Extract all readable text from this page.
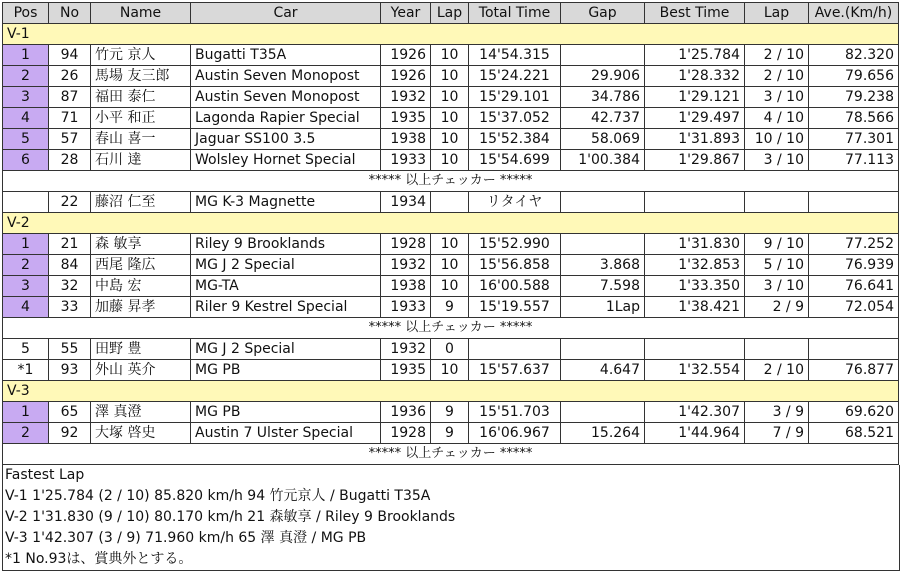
Pos	No	Name	Car	Year	Lap	Total Time	Gap	Best Time	Lap	Ave.(Km/h)
V-1										
1	94	竹元 京人	Bugatti T35A	1926	10	14'54.315		1'25.784	2 / 10	82.320
2	26	馬場 友三郎	Austin Seven Monopost	1926	10	15'24.221	29.906	1'28.332	2 / 10	79.656
3	87	福田 泰仁	Austin Seven Monopost	1932	10	15'29.101	34.786	1'29.121	3 / 10	79.238
4	71	小平 和正	Lagonda Rapier Special	1935	10	15'37.052	42.737	1'29.497	4 / 10	78.566
5	57	春山 喜一	Jaguar SS100 3.5	1938	10	15'52.384	58.069	1'31.893	10 / 10	77.301
6	28	石川 達	Wolsley Hornet Special	1933	10	15'54.699	1'00.384	1'29.867	3 / 10	77.113
***** 以上チェッカー *****										
	22	藤沼 仁至	MG K-3 Magnette	1934		リタイヤ				
V-2										
1	21	森 敏享	Riley 9 Brooklands	1928	10	15'52.990		1'31.830	9 / 10	77.252
2	84	西尾 隆広	MG J 2 Special	1932	10	15'56.858	3.868	1'32.853	5 / 10	76.939
3	32	中島 宏	MG-TA	1938	10	16'00.588	7.598	1'33.350	3 / 10	76.641
4	33	加藤 昇孝	Riler 9 Kestrel Special	1933	9	15'19.557	1Lap	1'38.421	2 / 9	72.054
***** 以上チェッカー *****										
5	55	田野 豊	MG J 2 Special	1932	0					
*1	93	外山 英介	MG PB	1935	10	15'57.637	4.647	1'32.554	2 / 10	76.877
V-3										
1	65	澤 真澄	MG PB	1936	9	15'51.703		1'42.307	3 / 9	69.620
2	92	大塚 啓史	Austin 7 Ulster Special	1928	9	16'06.967	15.264	1'44.964	7 / 9	68.521
***** 以上チェッカー *****										
Fastest Lap
V-1 1'25.784 (2 / 10) 85.820 km/h 94 竹元京人 / Bugatti T35A
V-2 1'31.830 (9 / 10) 80.170 km/h 21 森敏享 / Riley 9 Brooklands
V-3 1'42.307 (3 / 9) 71.960 km/h 65 澤 真澄 / MG PB
*1 No.93は、賞典外とする。
